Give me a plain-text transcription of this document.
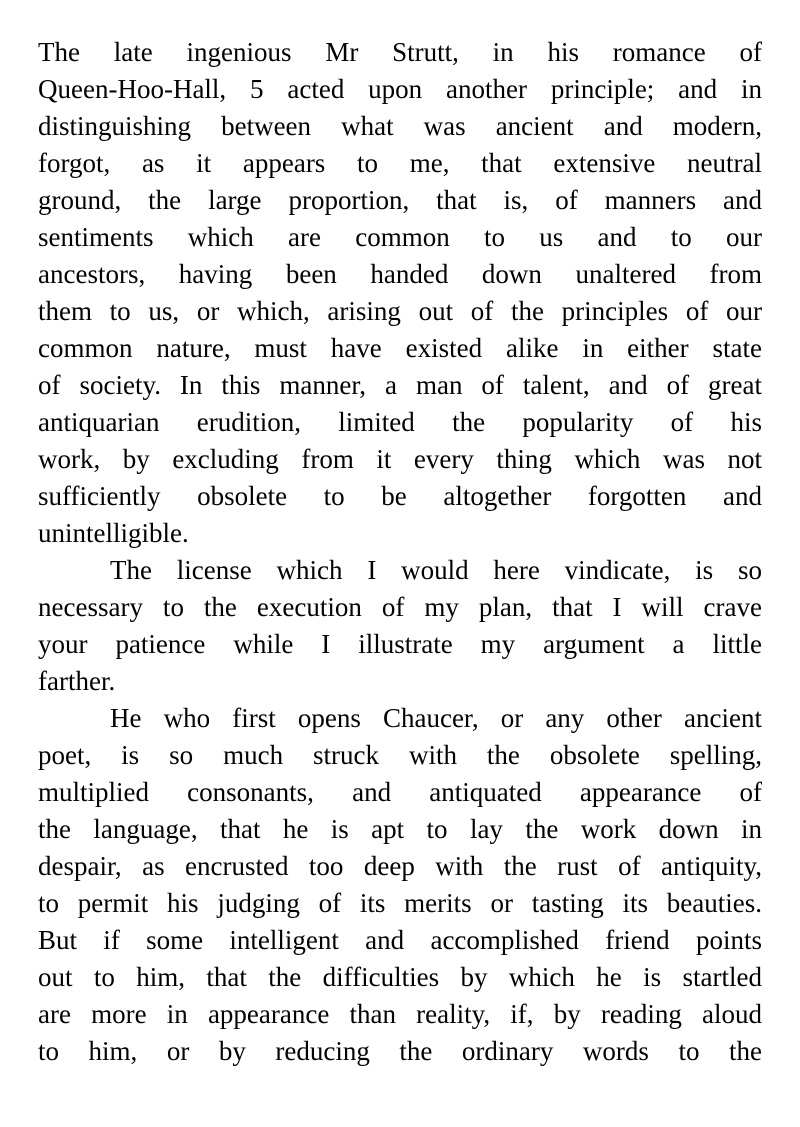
The late ingenious Mr Strutt, in his romance of
Queen-Hoo-Hall, 5 acted upon another principle; and in
distinguishing between what was ancient and modern,
forgot, as it appears to me, that extensive neutral
ground, the large proportion, that is, of manners and
sentiments which are common to us and to our
ancestors, having been handed down unaltered from
them to us, or which, arising out of the principles of our
common nature, must have existed alike in either state
of society. In this manner, a man of talent, and of great
antiquarian erudition, limited the popularity of his
work, by excluding from it every thing which was not
sufficiently obsolete to be altogether forgotten and
unintelligible.
The license which I would here vindicate, is so
necessary to the execution of my plan, that I will crave
your patience while I illustrate my argument a little
farther.
He who first opens Chaucer, or any other ancient
poet, is so much struck with the obsolete spelling,
multiplied consonants, and antiquated appearance of
the language, that he is apt to lay the work down in
despair, as encrusted too deep with the rust of antiquity,
to permit his judging of its merits or tasting its beauties.
But if some intelligent and accomplished friend points
out to him, that the difficulties by which he is startled
are more in appearance than reality, if, by reading aloud
to him, or by reducing the ordinary words to the
